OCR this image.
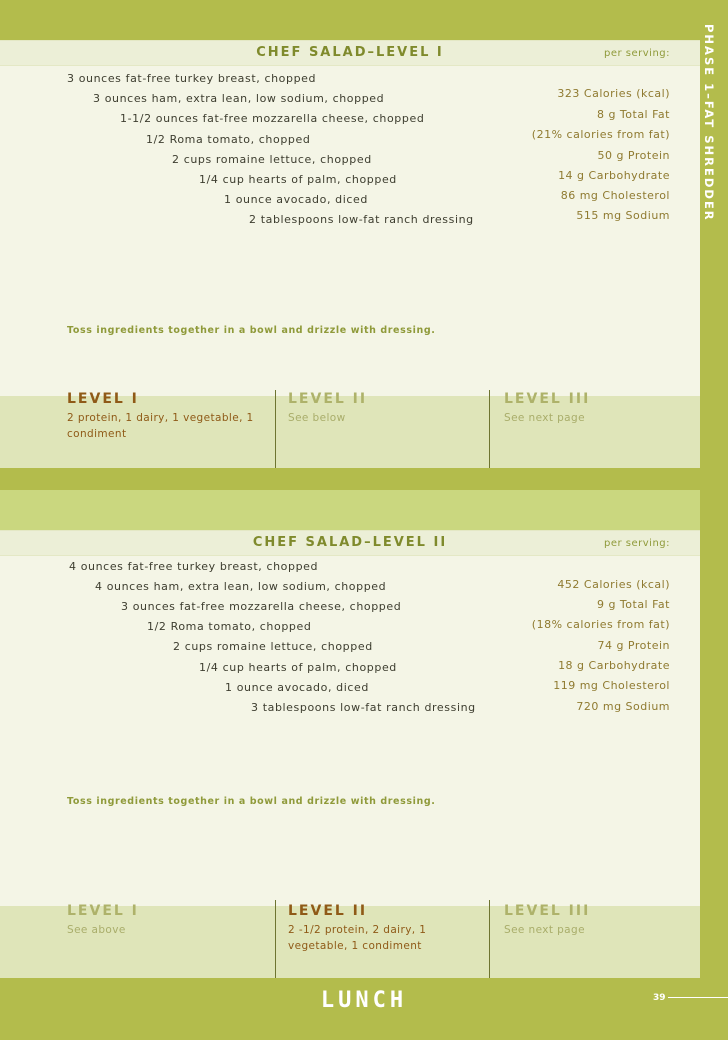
CHEF SALAD–LEVEL I	per serving:
3 ounces fat-free turkey breast, chopped
3 ounces ham, extra lean, low sodium, chopped
1-1/2 ounces fat-free mozzarella cheese, chopped
1/2 Roma tomato, chopped
2 cups romaine lettuce, chopped
1/4 cup hearts of palm, chopped
1 ounce avocado, diced
2 tablespoons low-fat ranch dressing
323 Calories (kcal)
8 g Total Fat
(21% calories from fat)
50 g Protein
14 g Carbohydrate
86 mg Cholesterol
515 mg Sodium
Toss ingredients together in a bowl and drizzle with dressing.
LEVEL I
2 protein, 1 dairy, 1 vegetable, 1 condiment
LEVEL II
See below
LEVEL III
See next page
CHEF SALAD–LEVEL II	per serving:
4 ounces fat-free turkey breast, chopped
4 ounces ham, extra lean, low sodium, chopped
3 ounces fat-free mozzarella cheese, chopped
1/2 Roma tomato, chopped
2 cups romaine lettuce, chopped
1/4 cup hearts of palm, chopped
1 ounce avocado, diced
3 tablespoons low-fat ranch dressing
452 Calories (kcal)
9 g Total Fat
(18% calories from fat)
74 g Protein
18 g Carbohydrate
119 mg Cholesterol
720 mg Sodium
Toss ingredients together in a bowl and drizzle with dressing.
LEVEL I
See above
LEVEL II
2 -1/2 protein, 2 dairy, 1 vegetable, 1 condiment
LEVEL III
See next page
PHASE 1–FAT SHREDDER
LUNCH	39
